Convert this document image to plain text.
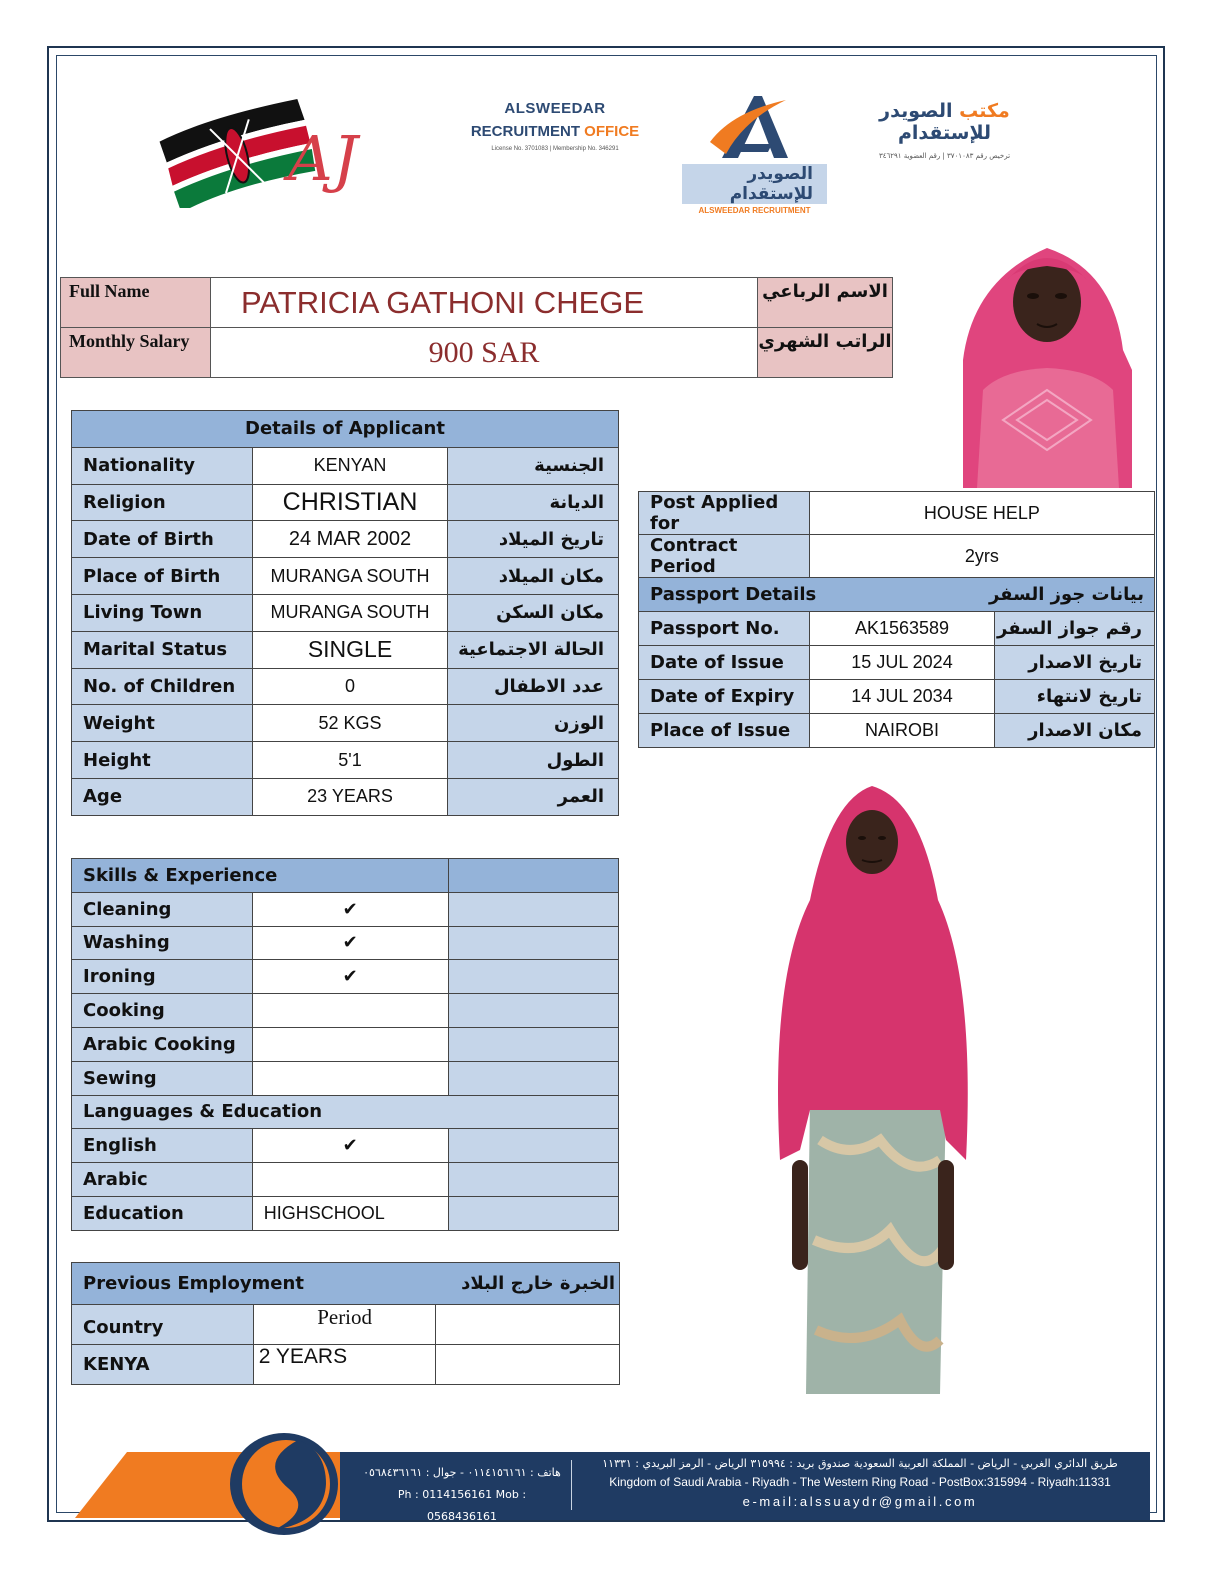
AJ
ALSWEEDAR
RECRUITMENT OFFICE
License No. 3701083 | Membership No. 346291
الصويدر للإستقدام
ALSWEEDAR RECRUITMENT
مكتب الصويدر للإستقدام
ترخيص رقم ٣٧٠١٠٨٣ | رقم العضوية ٣٤٦٢٩١
Full Name	PATRICIA GATHONI CHEGE	الاسم الرباعي
Monthly Salary	900 SAR	الراتب الشهري
Details of Applicant		
Nationality	KENYAN	الجنسية
Religion	CHRISTIAN	الديانة
Date of Birth	24 MAR 2002	تاريخ الميلاد
Place of Birth	MURANGA SOUTH	مكان الميلاد
Living Town	MURANGA SOUTH	مكان السكن
Marital Status	SINGLE	الحالة الاجتماعية
No. of Children	0	عدد الاطفال
Weight	52 KGS	الوزن
Height	5'1	الطول
Age	23 YEARS	العمر
Post Applied for	HOUSE HELP	
Contract Period	2yrs	
Passport Details بيانات جوز السفر		

Passport No.	AK1563589	رقم جواز السفر
Date of Issue	15 JUL 2024	تاريخ الاصدار
Date of Expiry	14 JUL 2034	تاريخ لانتهاء
Place of Issue	NAIROBI	مكان الاصدار
Skills & Experience		
Cleaning	✔	
Washing	✔	
Ironing	✔	
Cooking		
Arabic Cooking		
Sewing		
Languages & Education		
English	✔	
Arabic		
Education	HIGHSCHOOL	
Previous Employment الخبرة خارج البلاد		

Country	Period	
KENYA	2 YEARS	
هاتف : ٠١١٤١٥٦١٦١ - جوال : ٠٥٦٨٤٣٦١٦١
Ph : 0114156161 Mob : 0568436161
طريق الدائري الغربي - الرياض - المملكة العربية السعودية صندوق بريد : ٣١٥٩٩٤ الرياض - الرمز البريدي : ١١٣٣١
Kingdom of Saudi Arabia - Riyadh - The Western Ring Road - PostBox:315994 - Riyadh:11331
e-mail:alssuaydr@gmail.com
